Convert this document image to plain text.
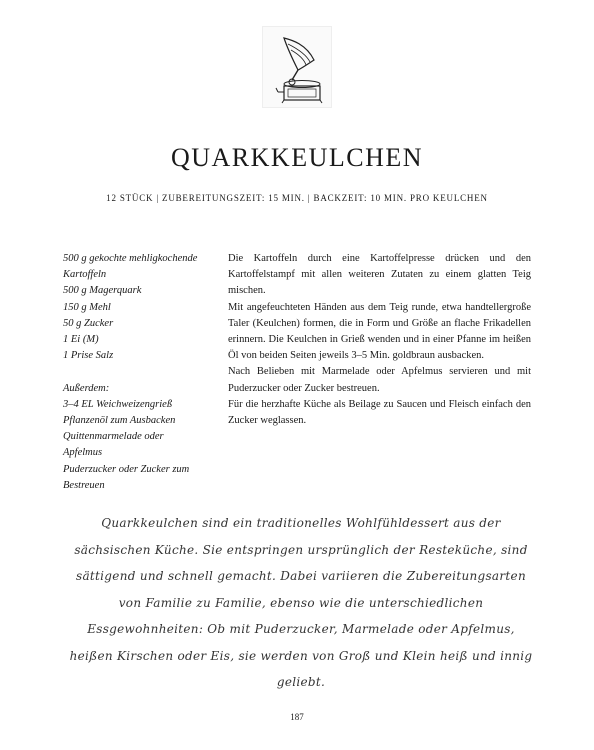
QUARKKEULCHEN
12 STÜCK | ZUBEREITUNGSZEIT: 15 MIN. | BACKZEIT: 10 MIN. PRO KEULCHEN
500 g gekochte mehligkochende
Kartoffeln
500 g Magerquark
150 g Mehl
50 g Zucker
1 Ei (M)
1 Prise Salz
Außerdem:
3–4 EL Weichweizengrieß
Pflanzenöl zum Ausbacken
Quittenmarmelade oder
Apfelmus
Puderzucker oder Zucker zum
Bestreuen

Die Kartoffeln durch eine Kartoffelpresse drücken und den Kartoffelstampf mit allen weiteren Zutaten zu einem glatten Teig mischen.

Mit angefeuchteten Händen aus dem Teig runde, etwa handtellergroße Taler (Keulchen) formen, die in Form und Größe an flache Frikadellen erinnern. Die Keulchen in Grieß wenden und in einer Pfanne im heißen Öl von beiden Seiten jeweils 3–5 Min. goldbraun ausbacken.

Nach Belieben mit Marmelade oder Apfelmus servieren und mit Puderzucker oder Zucker bestreuen.

Für die herzhafte Küche als Beilage zu Saucen und Fleisch einfach den Zucker weglassen.

Quarkkeulchen sind ein traditionelles Wohlfühldessert aus der sächsischen Küche. Sie entspringen ursprünglich der Resteküche, sind sättigend und schnell gemacht. Dabei variieren die Zubereitungsarten von Familie zu Familie, ebenso wie die unterschiedlichen Essgewohnheiten: Ob mit Puderzucker, Marmelade oder Apfelmus, heißen Kirschen oder Eis, sie werden von Groß und Klein heiß und innig geliebt.
187
